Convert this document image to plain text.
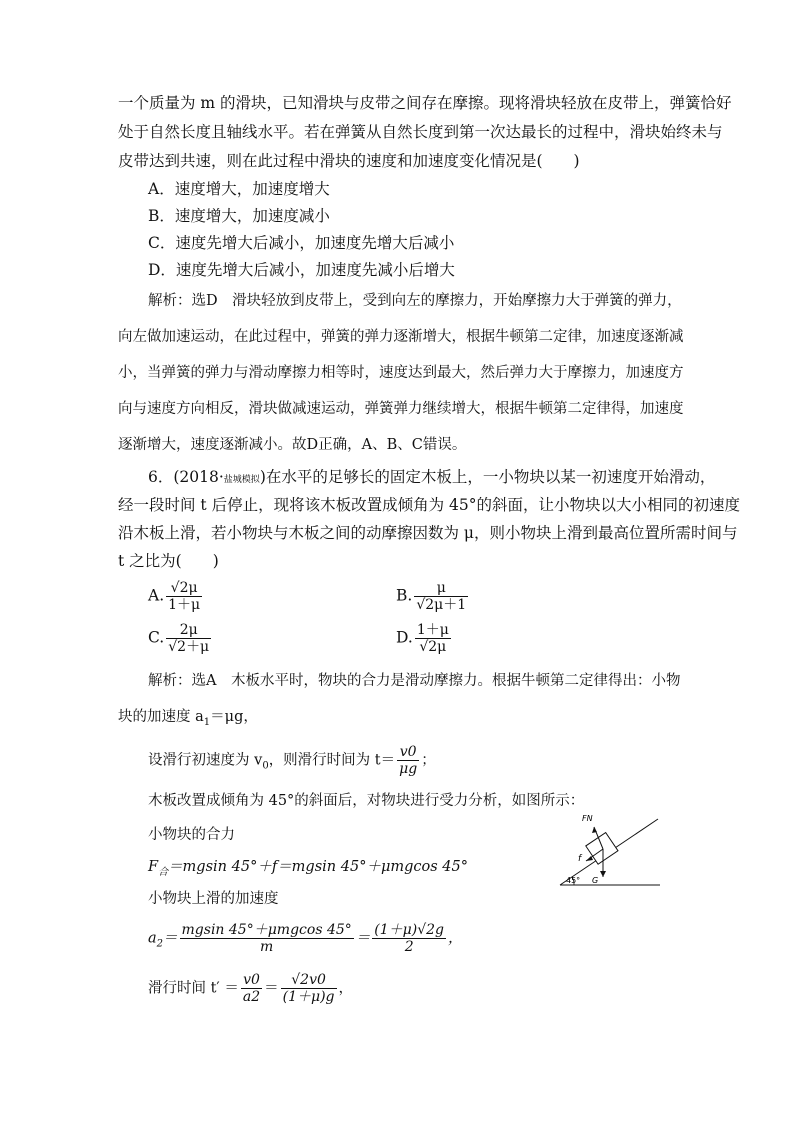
一个质量为 m 的滑块，已知滑块与皮带之间存在摩擦。现将滑块轻放在皮带上，弹簧恰好
处于自然长度且轴线水平。若在弹簧从自然长度到第一次达最长的过程中，滑块始终未与
皮带达到共速，则在此过程中滑块的速度和加速度变化情况是(　　)
A．速度增大，加速度增大
B．速度增大，加速度减小
C．速度先增大后减小，加速度先增大后减小
D．速度先增大后减小，加速度先减小后增大
解析：选D　滑块轻放到皮带上，受到向左的摩擦力，开始摩擦力大于弹簧的弹力，
向左做加速运动，在此过程中，弹簧的弹力逐渐增大，根据牛顿第二定律，加速度逐渐减
小，当弹簧的弹力与滑动摩擦力相等时，速度达到最大，然后弹力大于摩擦力，加速度方
向与速度方向相反，滑块做减速运动，弹簧弹力继续增大，根据牛顿第二定律得，加速度
逐渐增大，速度逐渐减小。故D正确，A、B、C错误。
6．(2018·盐城模拟)在水平的足够长的固定木板上，一小物块以某一初速度开始滑动，
经一段时间 t 后停止，现将该木板改置成倾角为 45°的斜面，让小物块以大小相同的初速度
沿木板上滑，若小物块与木板之间的动摩擦因数为 μ，则小物块上滑到最高位置所需时间与
t 之比为(　　)
A. $\frac{√2\mu}{1+\mu}$	B. $\frac{\mu}{√2\mu+1}$
C. $\frac{2\mu}{√2+\mu}$	D. $\frac{1+\mu}{√2\mu}$
解析：选A　木板水平时，物块的合力是滑动摩擦力。根据牛顿第二定律得出：小物
块的加速度 $a_1=\mu g$，
设滑行初速度为 $v_0$，则滑行时间为 $t= \frac{v0}{\mu g}$ ；
木板改置成倾角为 45°的斜面后，对物块进行受力分析，如图所示：
小物块的合力
$F_合=mgsin$ 45°＋f＝mgsin 45°＋μmgcos 45°
小物块上滑的加速度
$a_2= \frac{\text{mgsin 45°＋μmgcos 45°}}{m} = \frac{(1+\mu)√2g}{2}$ ，
滑行时间 $t' = \frac{v0}{a2} = \frac{√2v0}{(1+\mu)g}$ ，
FN
f
G
45°
